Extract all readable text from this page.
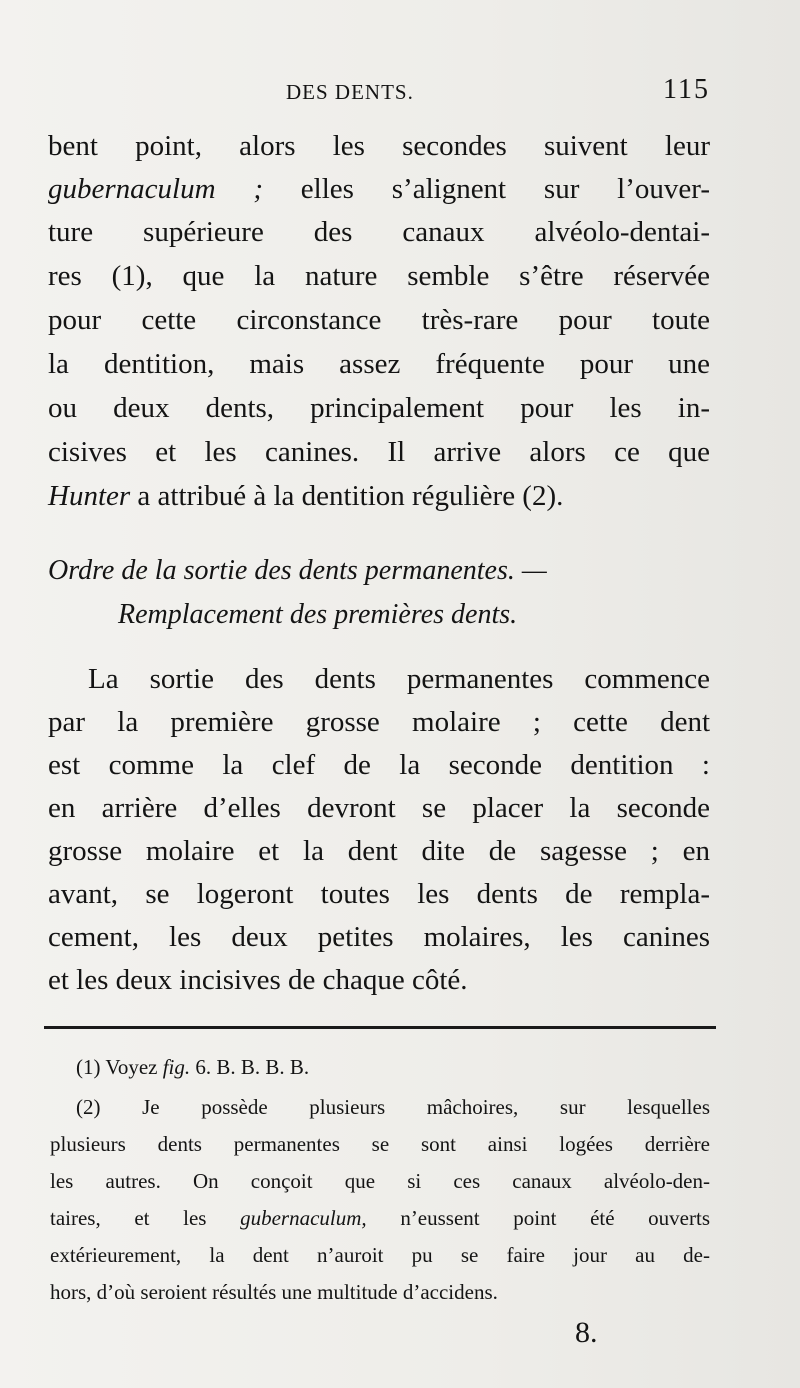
DES DENTS.	115
bent point, alors les secondes suivent leur
gubernaculum ; elles s’alignent sur l’ouver-
ture supérieure des canaux alvéolo-dentai-
res (1), que la nature semble s’être réservée
pour cette circonstance très-rare pour toute
la dentition, mais assez fréquente pour une
ou deux dents, principalement pour les in-
cisives et les canines. Il arrive alors ce que
Hunter a attribué à la dentition régulière (2).
Ordre de la sortie des dents permanentes. —
Remplacement des premières dents.
La sortie des dents permanentes commence
par la première grosse molaire ; cette dent
est comme la clef de la seconde dentition :
en arrière d’elles devront se placer la seconde
grosse molaire et la dent dite de sagesse ; en
avant, se logeront toutes les dents de rempla-
cement, les deux petites molaires, les canines
et les deux incisives de chaque côté.
(1) Voyez fig. 6. B. B. B. B.
(2) Je possède plusieurs mâchoires, sur lesquelles
plusieurs dents permanentes se sont ainsi logées derrière
les autres. On conçoit que si ces canaux alvéolo-den-
taires, et les gubernaculum, n’eussent point été ouverts
extérieurement, la dent n’auroit pu se faire jour au de-
hors, d’où seroient résultés une multitude d’accidens.
8.
